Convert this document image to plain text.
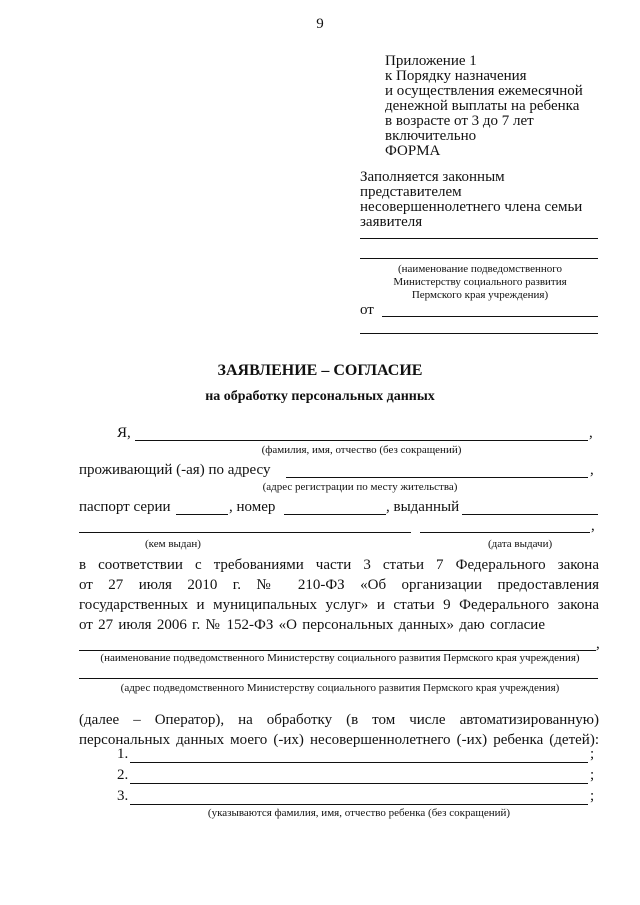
9
Приложение 1
к Порядку назначения
и осуществления ежемесячной
денежной выплаты на ребенка
в возрасте от 3 до 7 лет
включительно
ФОРМА
Заполняется законным
представителем
несовершеннолетнего члена семьи
заявителя
(наименование подведомственного
Министерству социального развития
Пермского края учреждения)
от
ЗАЯВЛЕНИЕ – СОГЛАСИЕ
на обработку персональных данных
Я,	,
(фамилия, имя, отчество (без сокращений)
проживающий (-ая) по адресу	,
(адрес регистрации по месту жительства)
паспорт серии	, номер	, выданный
,
(кем выдан)	(дата выдачи)
в соответствии с требованиями части 3 статьи 7 Федерального закона
от 27 июля 2010 г. № 210-ФЗ «Об организации предоставления
государственных и муниципальных услуг» и статьи 9 Федерального закона
от 27 июля 2006 г. № 152-ФЗ «О персональных данных» даю согласие
,
(наименование подведомственного Министерству социального развития Пермского края учреждения)
(адрес подведомственного Министерству социального развития Пермского края учреждения)
(далее – Оператор), на обработку (в том числе автоматизированную)
персональных данных моего (-их) несовершеннолетнего (-их) ребенка (детей):
1.	;
2.	;
3.	;
(указываются фамилия, имя, отчество ребенка (без сокращений)
